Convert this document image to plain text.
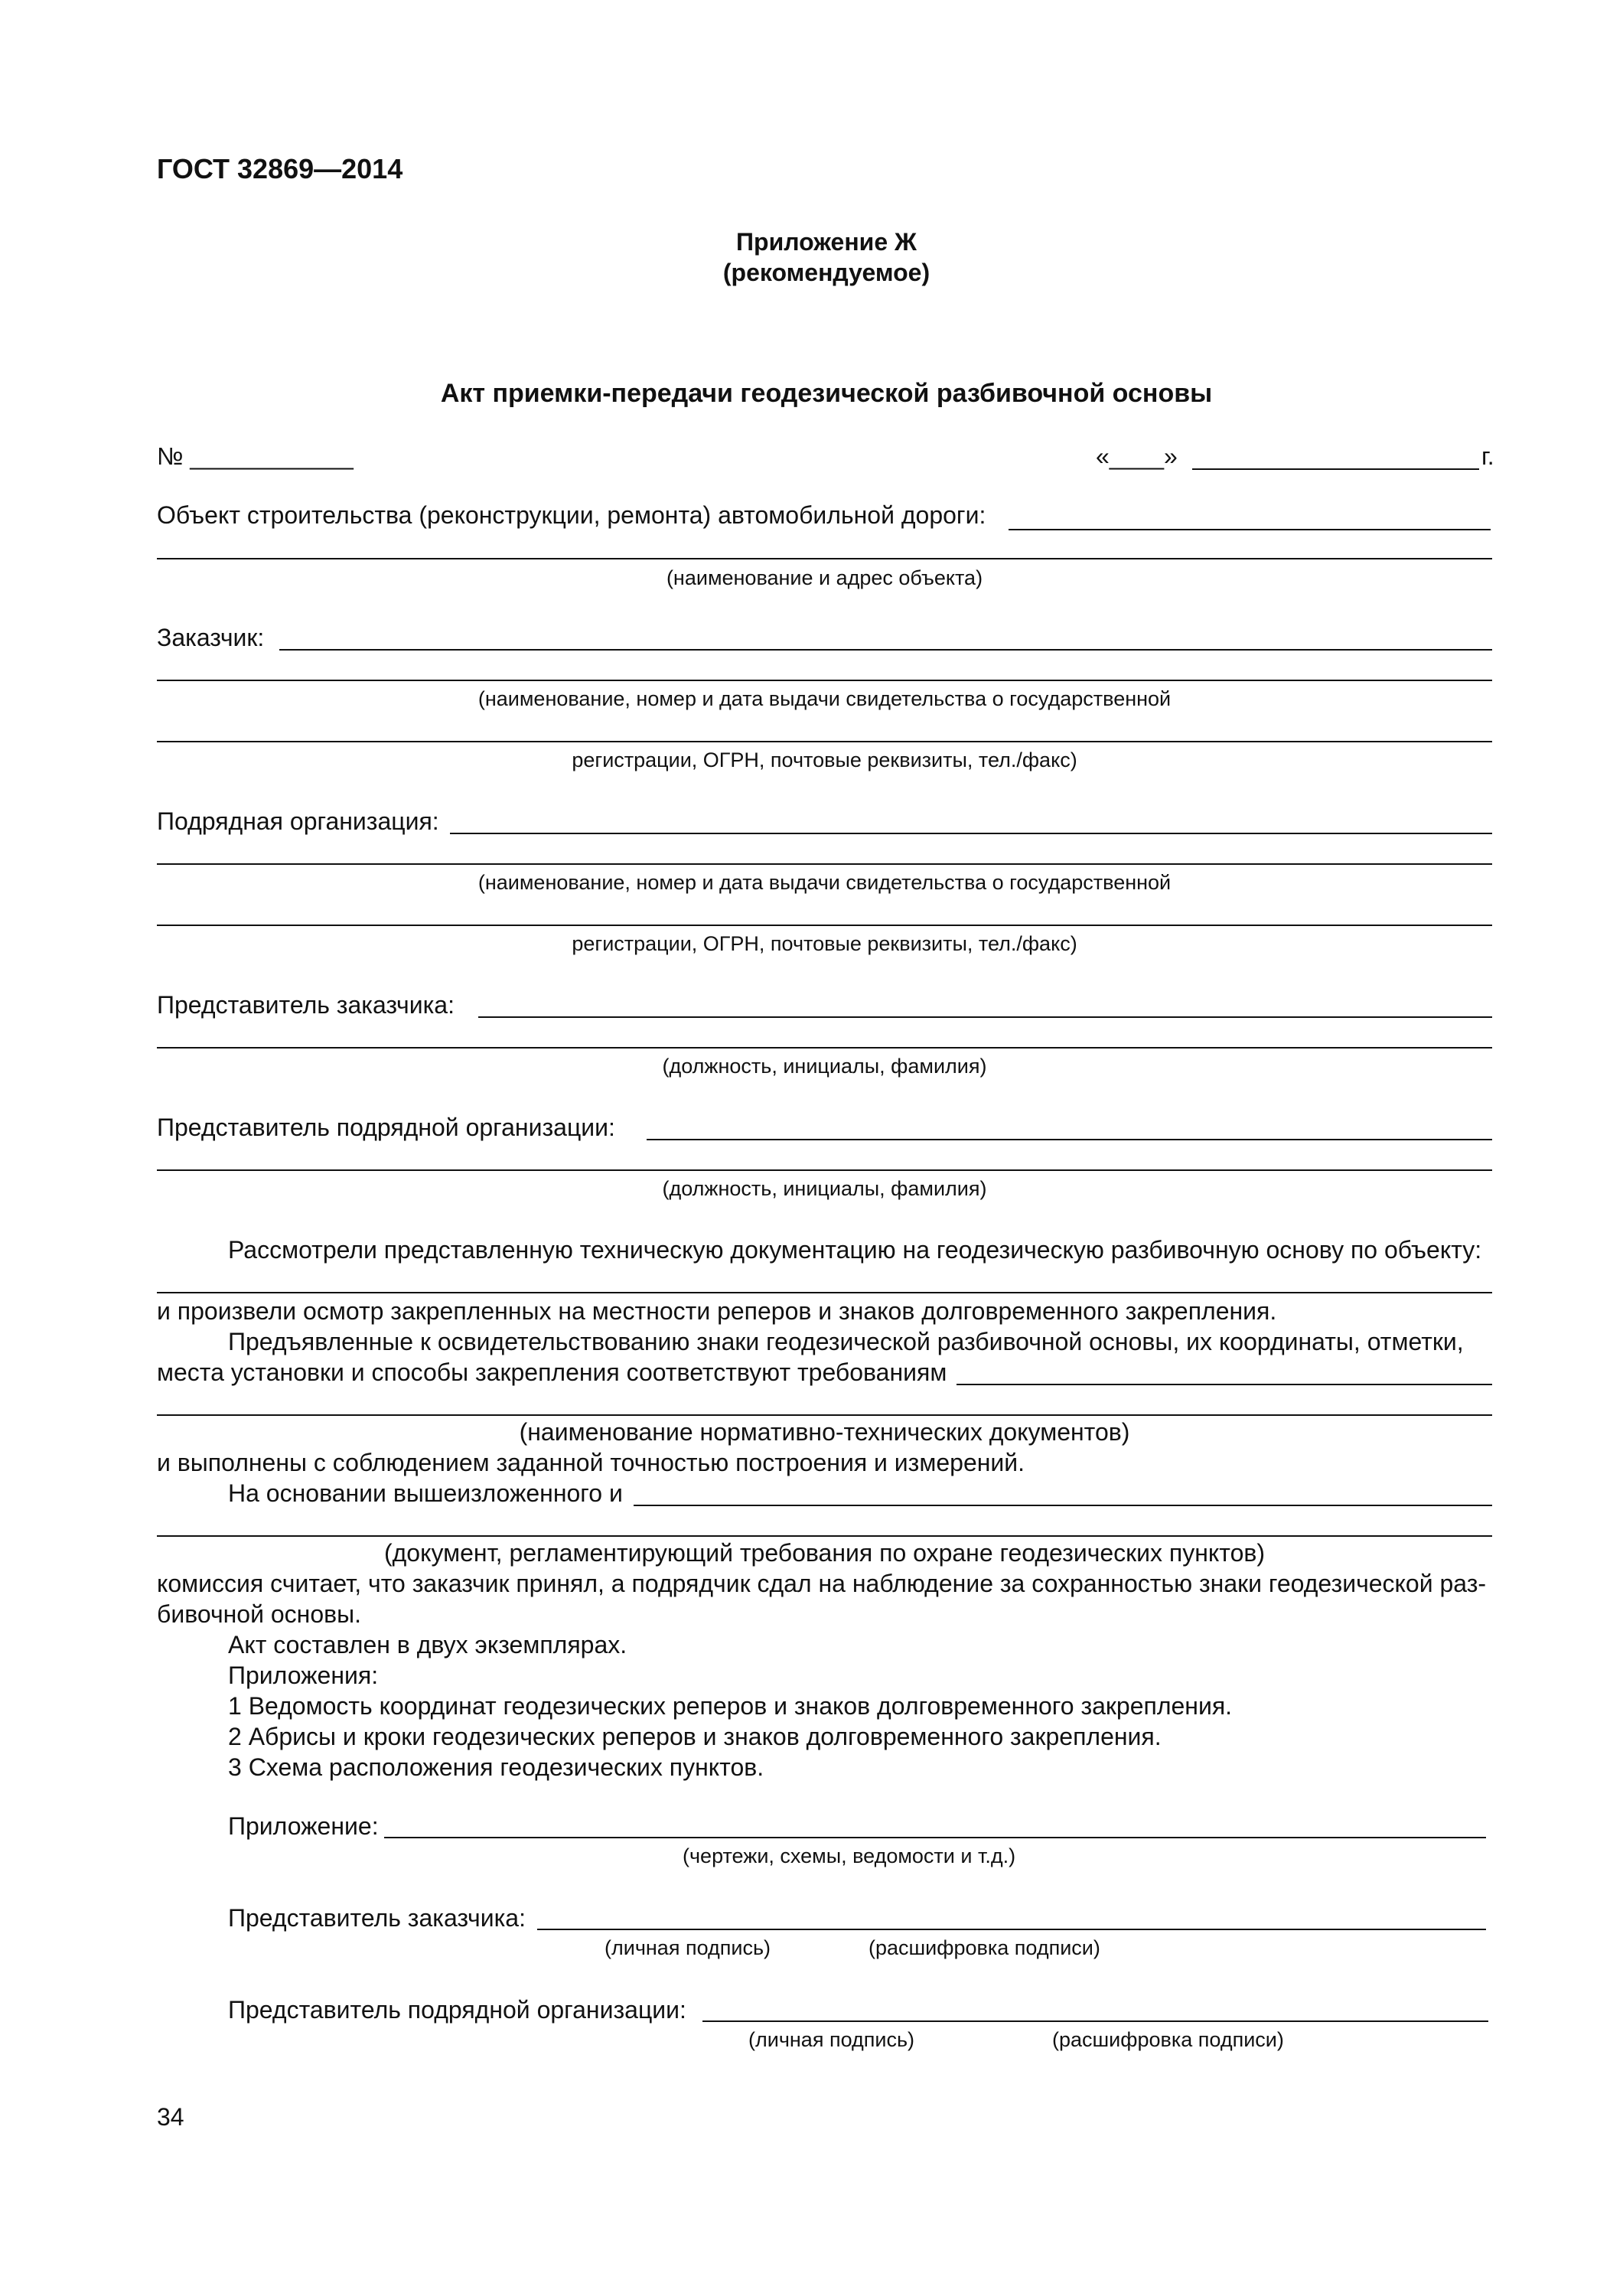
ГОСТ 32869—2014
Приложение Ж
(рекомендуемое)
Акт приемки-передачи геодезической разбивочной основы
№ ____________	«____»	г.
Объект строительства (реконструкции, ремонта) автомобильной дороги:
(наименование и адрес объекта)
Заказчик:
(наименование, номер и дата выдачи свидетельства о государственной
регистрации, ОГРН, почтовые реквизиты, тел./факс)
Подрядная организация:
(наименование, номер и дата выдачи свидетельства о государственной
регистрации, ОГРН, почтовые реквизиты, тел./факс)
Представитель заказчика:
(должность, инициалы, фамилия)
Представитель подрядной организации:
(должность, инициалы, фамилия)
Рассмотрели представленную техническую документацию на геодезическую разбивочную основу по объекту:
и произвели осмотр закрепленных на местности реперов и знаков долговременного закрепления.
Предъявленные к освидетельствованию знаки геодезической разбивочной основы, их координаты, отметки,
места установки и способы закрепления соответствуют требованиям
(наименование нормативно-технических документов)
и выполнены с соблюдением заданной точностью построения и измерений.
На основании вышеизложенного и
(документ, регламентирующий требования по охране геодезических пунктов)
комиссия считает, что заказчик принял, а подрядчик сдал на наблюдение за сохранностью знаки геодезической раз-
бивочной основы.
Акт составлен в двух экземплярах.
Приложения:
1 Ведомость координат геодезических реперов и знаков долговременного закрепления.
2 Абрисы и кроки геодезических реперов и знаков долговременного закрепления.
3 Схема расположения геодезических пунктов.
Приложение:
(чертежи, схемы, ведомости и т.д.)
Представитель заказчика:
(личная подпись)	(расшифровка подписи)
Представитель подрядной организации:
(личная подпись)	(расшифровка подписи)
34
